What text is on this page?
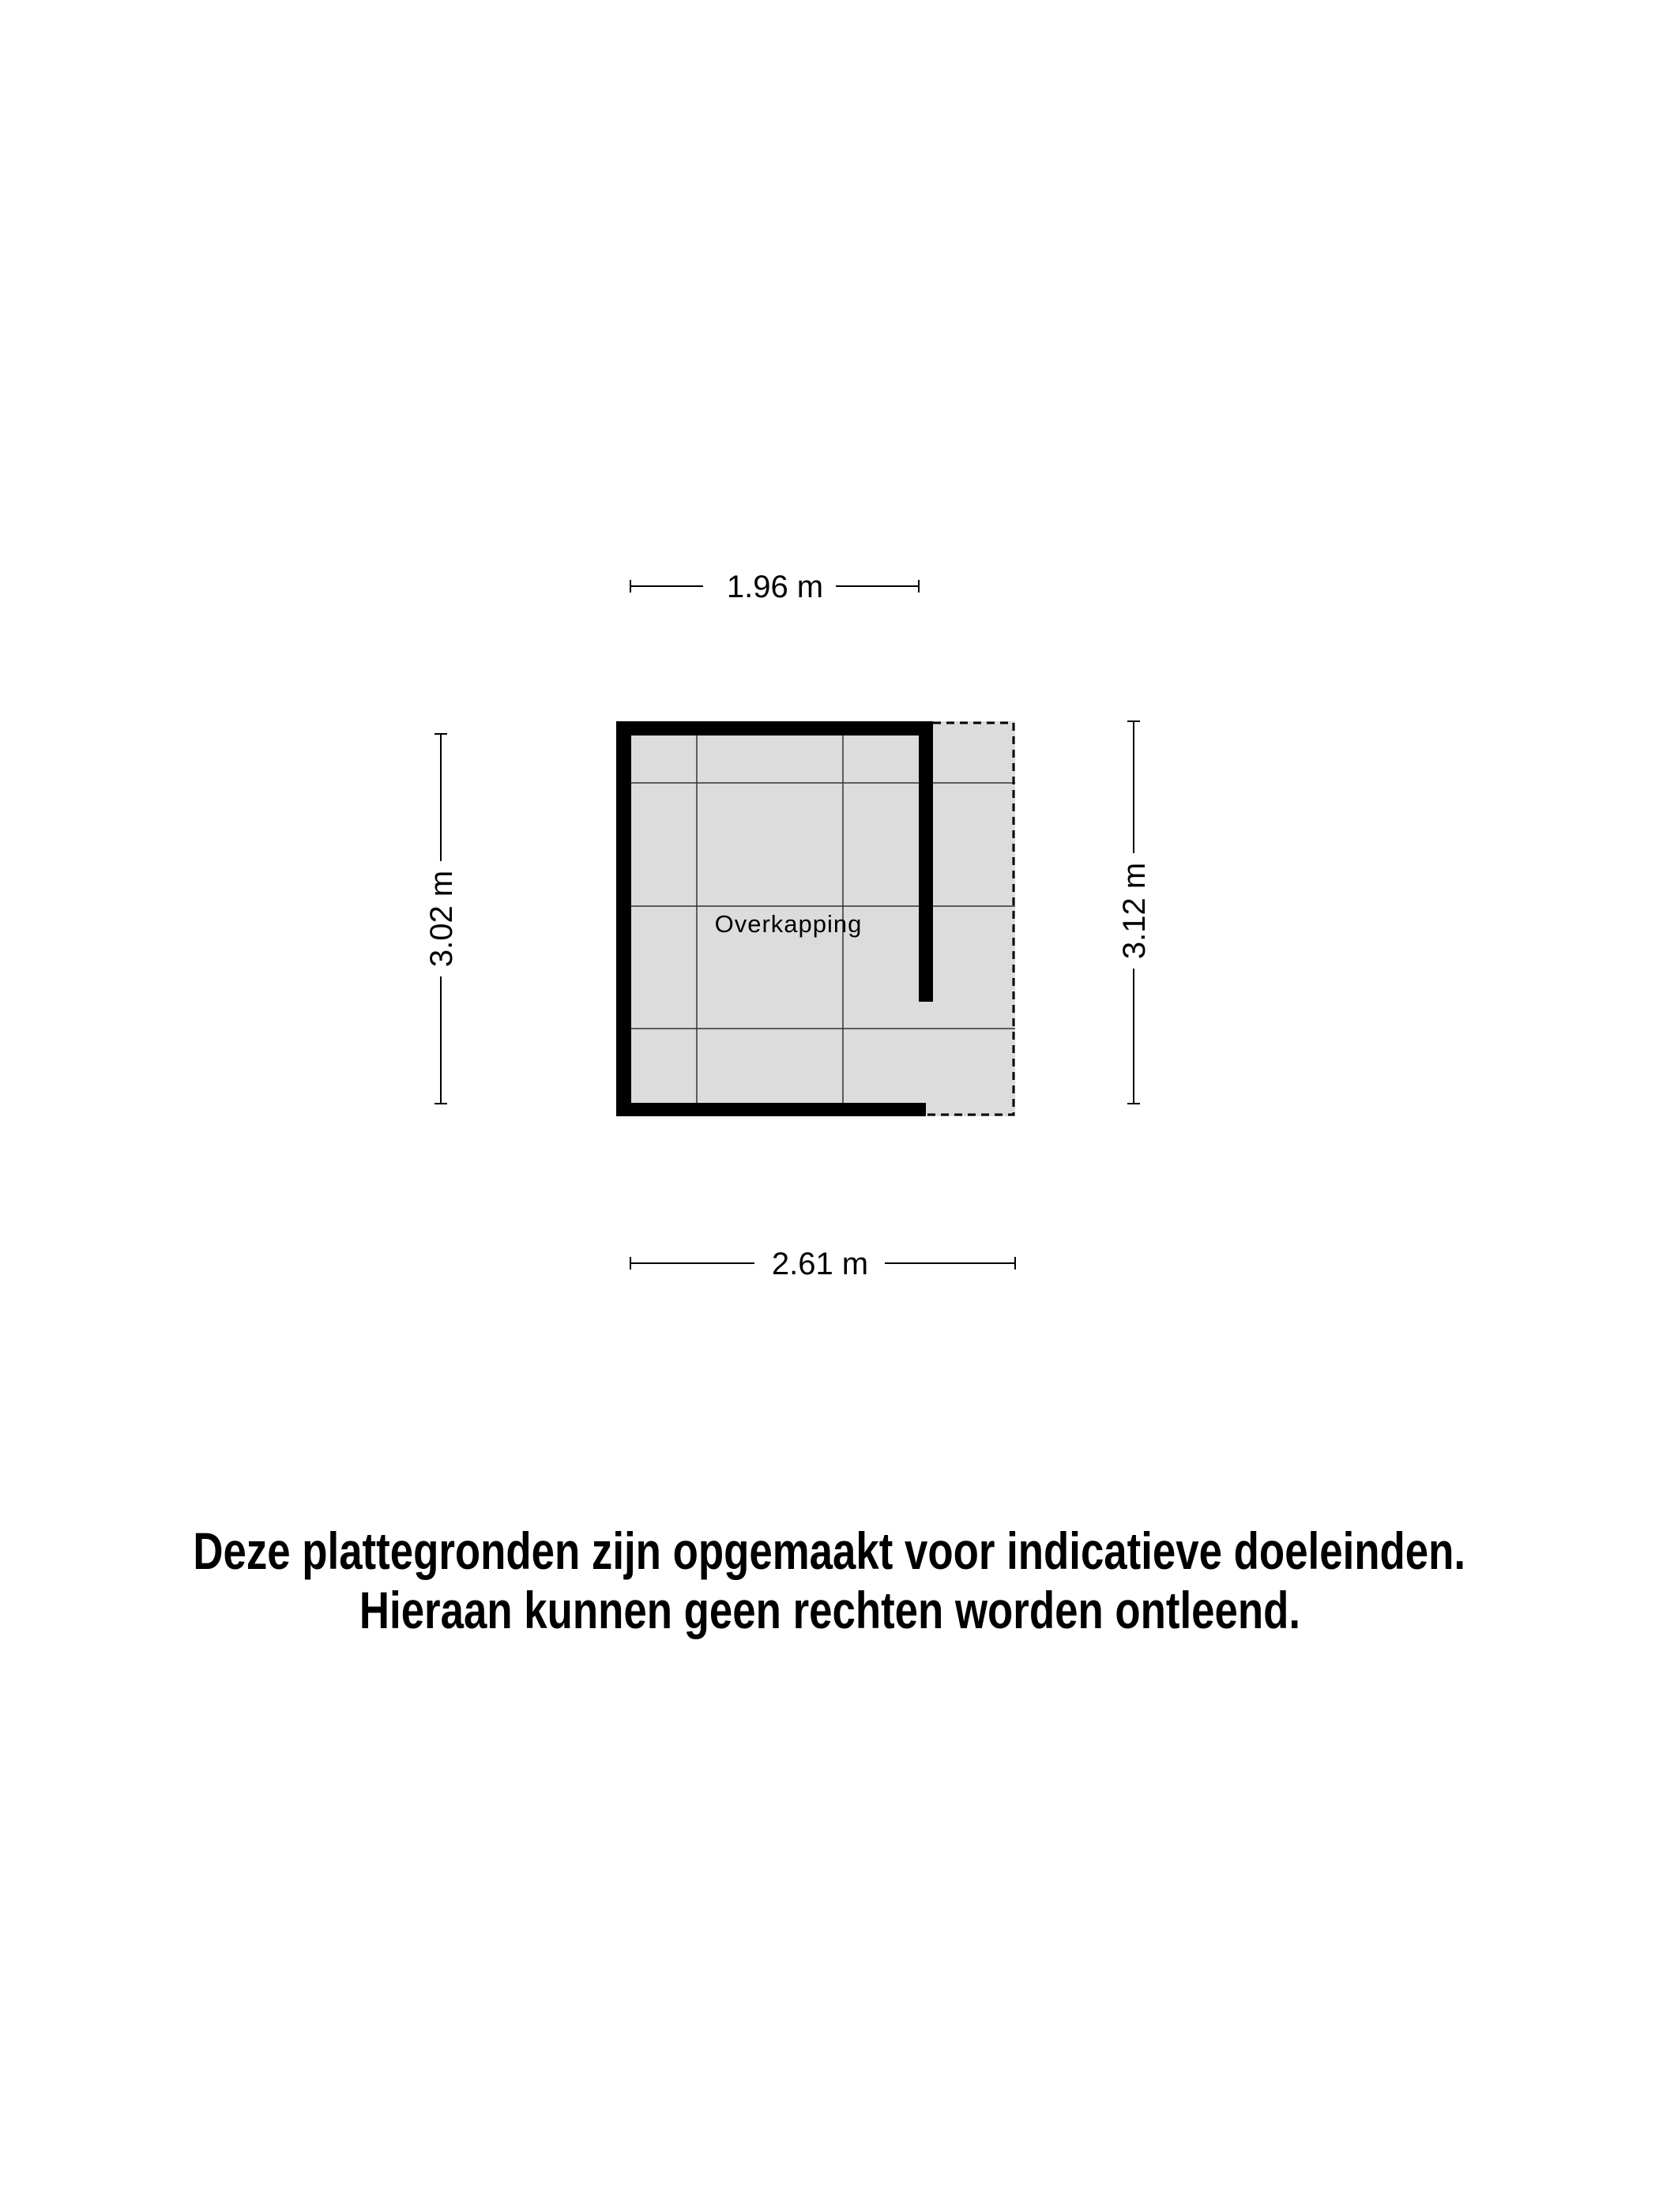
1.96 m
2.61 m
3.02 m	3.12 m
Overkapping
Deze plattegronden zijn opgemaakt voor indicatieve doeleinden.
Hieraan kunnen geen rechten worden ontleend.
